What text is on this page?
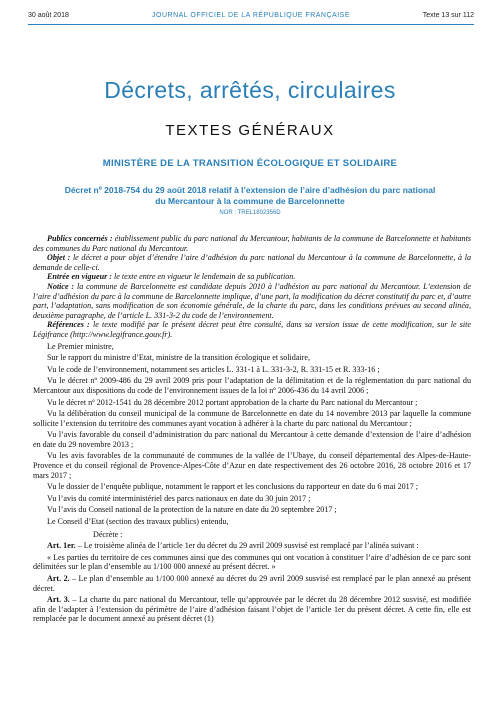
30 août 2018	JOURNAL OFFICIEL DE LA RÉPUBLIQUE FRANÇAISE	Texte 13 sur 112
Décrets, arrêtés, circulaires
TEXTES GÉNÉRAUX
MINISTÈRE DE LA TRANSITION ÉCOLOGIQUE ET SOLIDAIRE
Décret nº 2018-754 du 29 août 2018 relatif à l’extension de l’aire d’adhésion du parc national du Mercantour à la commune de Barcelonnette
NOR : TREL1802356D

Publics concernés : établissement public du parc national du Mercantour, habitants de la commune de Barcelonnette et habitants des communes du Parc national du Mercantour.

Objet : le décret a pour objet d’étendre l’aire d’adhésion du parc national du Mercantour à la commune de Barcelonnette, à la demande de celle-ci.

Entrée en vigueur : le texte entre en vigueur le lendemain de sa publication.

Notice : la commune de Barcelonnette est candidate depuis 2010 à l’adhésion au parc national du Mercantour. L’extension de l’aire d’adhésion du parc à la commune de Barcelonnette implique, d’une part, la modification du décret constitutif du parc et, d’autre part, l’adaptation, sans modification de son économie générale, de la charte du parc, dans les conditions prévues au second alinéa, deuxième paragraphe, de l’article L. 331-3-2 du code de l’environnement.

Références : le texte modifié par le présent décret peut être consulté, dans sa version issue de cette modification, sur le site Légifrance (http://www.legifrance.gouv.fr).

Le Premier ministre,

Sur le rapport du ministre d’Etat, ministre de la transition écologique et solidaire,

Vu le code de l’environnement, notamment ses articles L. 331-1 à L. 331-3-2, R. 331-15 et R. 333-16 ;

Vu le décret nº 2009-486 du 29 avril 2009 pris pour l’adaptation de la délimitation et de la réglementation du parc national du Mercantour aux dispositions du code de l’environnement issues de la loi nº 2006-436 du 14 avril 2006 ;

Vu le décret nº 2012-1541 du 28 décembre 2012 portant approbation de la charte du Parc national du Mercantour ;

Vu la délibération du conseil municipal de la commune de Barcelonnette en date du 14 novembre 2013 par laquelle la commune sollicite l’extension du territoire des communes ayant vocation à adhérer à la charte du parc national du Mercantour ;

Vu l’avis favorable du conseil d’administration du parc national du Mercantour à cette demande d’extension de l’aire d’adhésion en date du 29 novembre 2013 ;

Vu les avis favorables de la communauté de communes de la vallée de l’Ubaye, du conseil départemental des Alpes-de-Haute-Provence et du conseil régional de Provence-Alpes-Côte d’Azur en date respectivement des 26 octobre 2016, 28 octobre 2016 et 17 mars 2017 ;

Vu le dossier de l’enquête publique, notamment le rapport et les conclusions du rapporteur en date du 6 mai 2017 ;

Vu l’avis du comité interministériel des parcs nationaux en date du 30 juin 2017 ;

Vu l’avis du Conseil national de la protection de la nature en date du 20 septembre 2017 ;

Le Conseil d’Etat (section des travaux publics) entendu,

Décrète :

Art. 1er. – Le troisième alinéa de l’article 1er du décret du 29 avril 2009 susvisé est remplacé par l’alinéa suivant :

« Les parties du territoire de ces communes ainsi que des communes qui ont vocation à constituer l’aire d’adhésion de ce parc sont délimitées sur le plan d’ensemble au 1/100 000 annexé au présent décret. »

Art. 2. – Le plan d’ensemble au 1/100 000 annexé au décret du 29 avril 2009 susvisé est remplacé par le plan annexé au présent décret.

Art. 3. – La charte du parc national du Mercantour, telle qu’approuvée par le décret du 28 décembre 2012 susvisé, est modifiée afin de l’adapter à l’extension du périmètre de l’aire d’adhésion faisant l’objet de l’article 1er du présent décret. A cette fin, elle est remplacée par le document annexé au présent décret (1)
